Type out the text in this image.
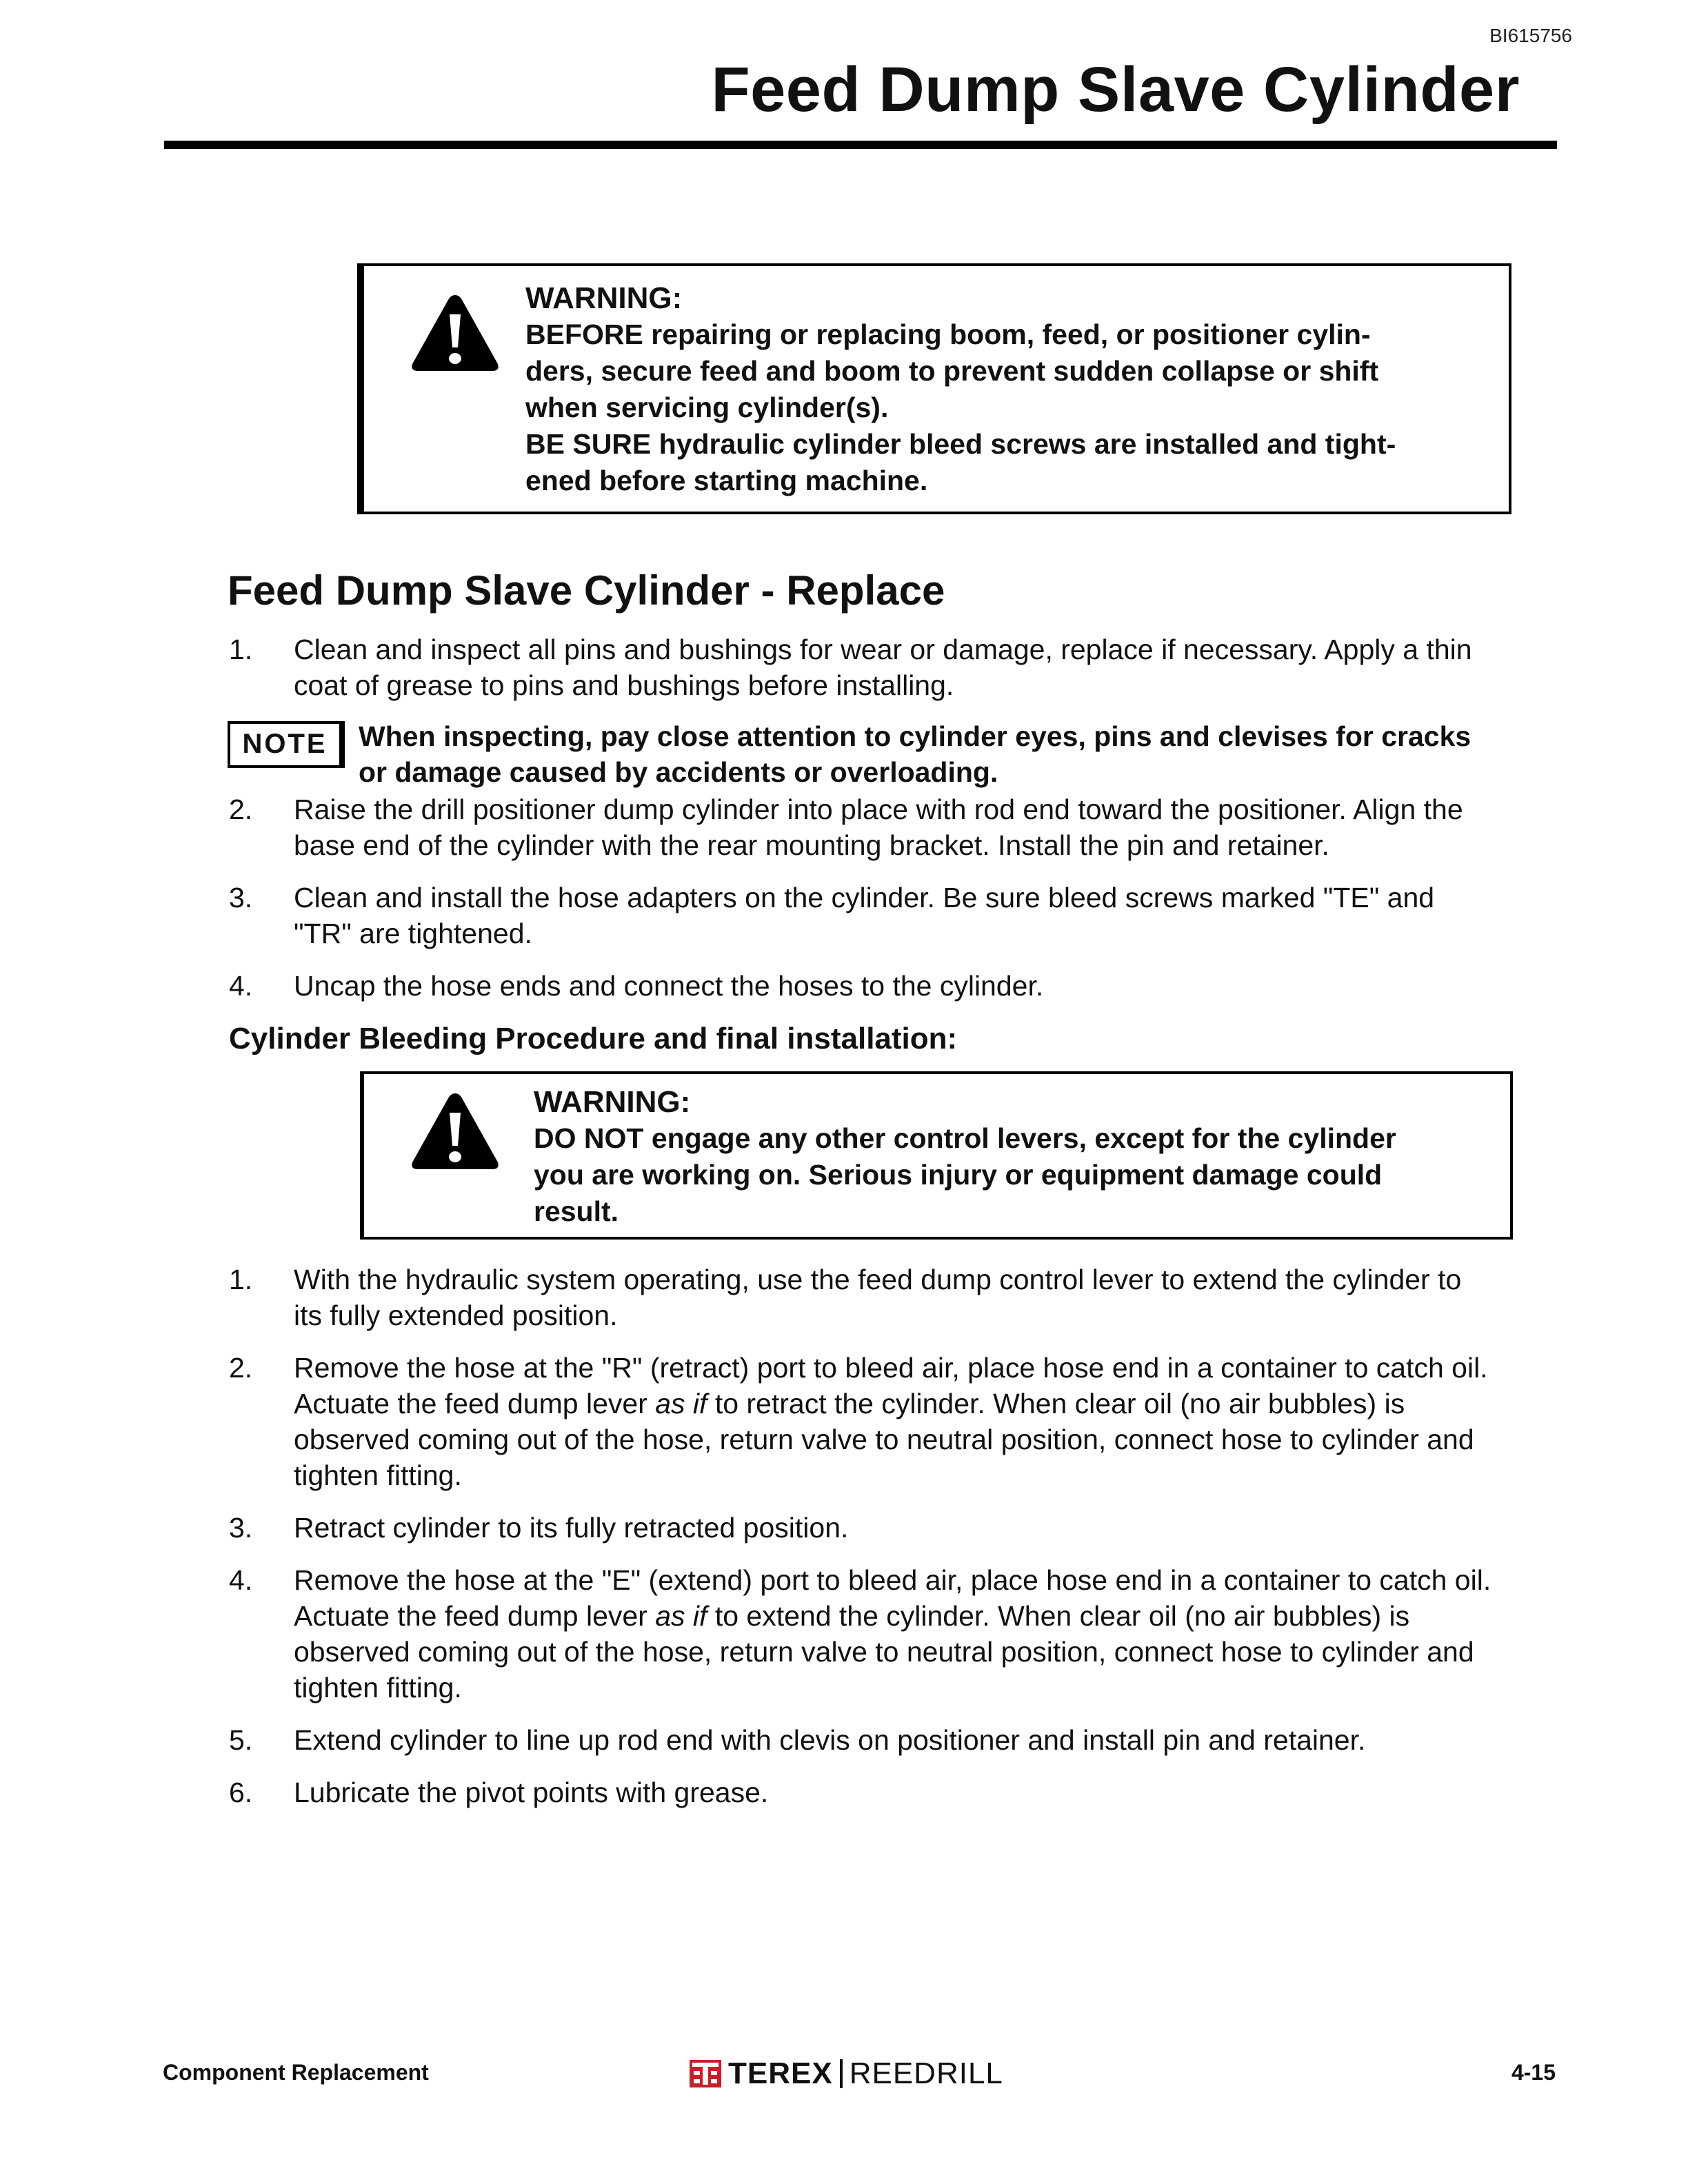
BI615756
Feed Dump Slave Cylinder
WARNING:
BEFORE repairing or replacing boom, feed, or positioner cylin-
ders, secure feed and boom to prevent sudden collapse or shift
when servicing cylinder(s).
BE SURE hydraulic cylinder bleed screws are installed and tight-
ened before starting machine.
Feed Dump Slave Cylinder - Replace
1. Clean and inspect all pins and bushings for wear or damage, replace if necessary. Apply a thin
coat of grease to pins and bushings before installing.
NOTE	When inspecting, pay close attention to cylinder eyes, pins and clevises for cracks
or damage caused by accidents or overloading.
2. Raise the drill positioner dump cylinder into place with rod end toward the positioner. Align the
base end of the cylinder with the rear mounting bracket. Install the pin and retainer.
3. Clean and install the hose adapters on the cylinder. Be sure bleed screws marked "TE" and
"TR" are tightened.
4. Uncap the hose ends and connect the hoses to the cylinder.
Cylinder Bleeding Procedure and final installation:
WARNING:
DO NOT engage any other control levers, except for the cylinder
you are working on. Serious injury or equipment damage could
result.
1. With the hydraulic system operating, use the feed dump control lever to extend the cylinder to
its fully extended position.
2. Remove the hose at the "R" (retract) port to bleed air, place hose end in a container to catch oil.
Actuate the feed dump lever as if to retract the cylinder. When clear oil (no air bubbles) is
observed coming out of the hose, return valve to neutral position, connect hose to cylinder and
tighten fitting.
3. Retract cylinder to its fully retracted position.
4. Remove the hose at the "E" (extend) port to bleed air, place hose end in a container to catch oil.
Actuate the feed dump lever as if to extend the cylinder. When clear oil (no air bubbles) is
observed coming out of the hose, return valve to neutral position, connect hose to cylinder and
tighten fitting.
5. Extend cylinder to line up rod end with clevis on positioner and install pin and retainer.
6. Lubricate the pivot points with grease.
Component Replacement	TEREX REEDRILL	4-15
